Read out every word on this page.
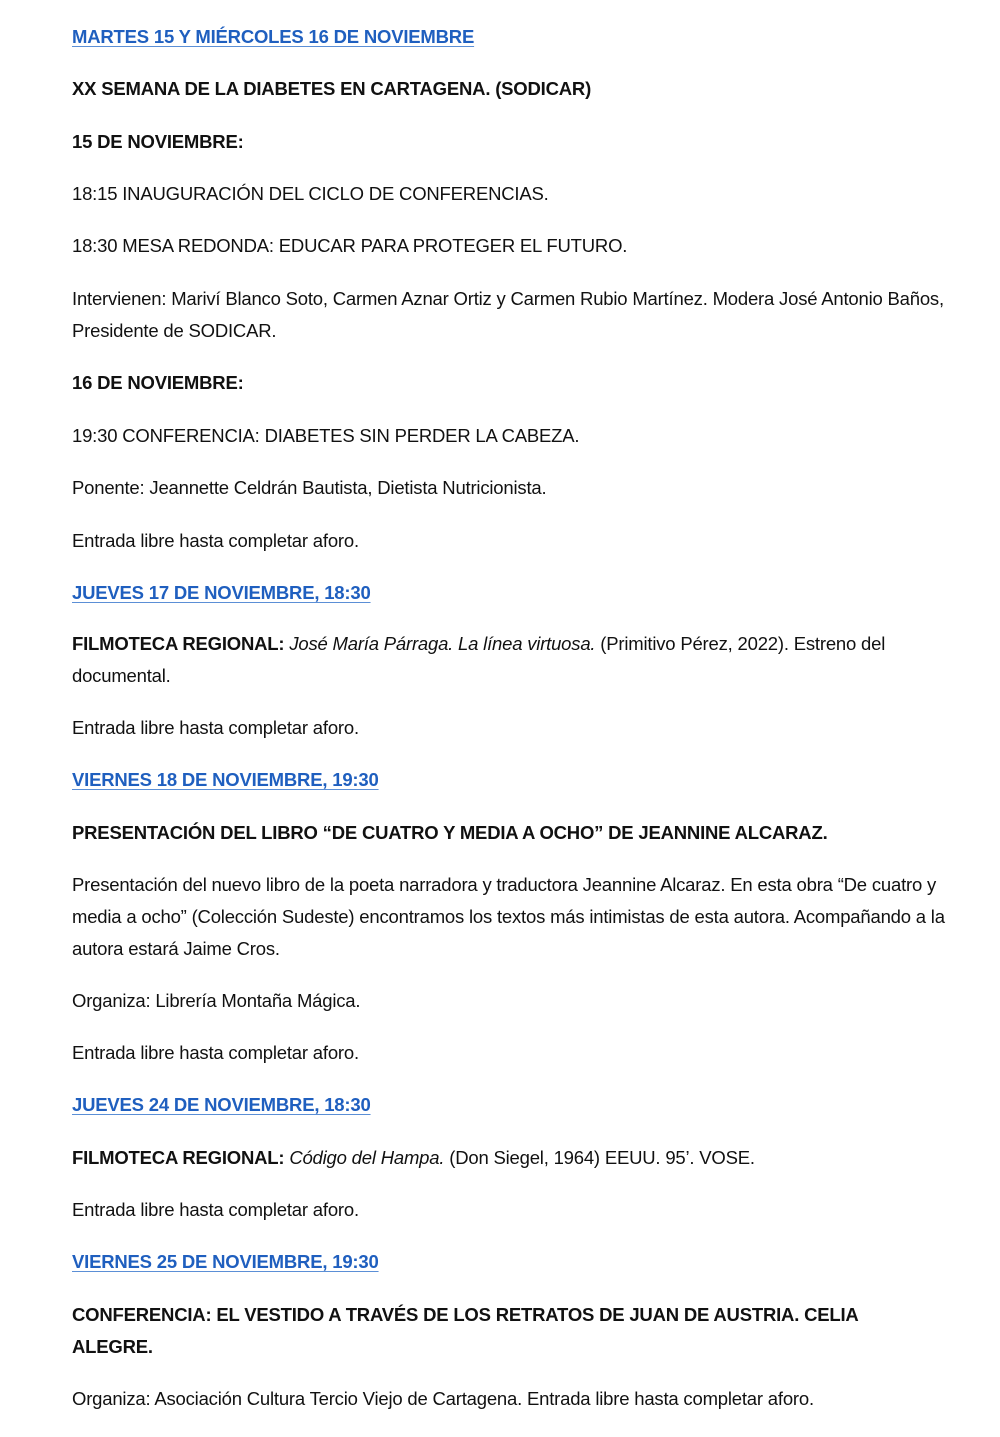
MARTES 15 Y MIÉRCOLES 16 DE NOVIEMBRE
XX SEMANA DE LA DIABETES EN CARTAGENA. (SODICAR)
15 DE NOVIEMBRE:
18:15 INAUGURACIÓN DEL CICLO DE CONFERENCIAS.
18:30 MESA REDONDA: EDUCAR PARA PROTEGER EL FUTURO.
Intervienen: Mariví Blanco Soto, Carmen Aznar Ortiz y Carmen Rubio Martínez. Modera José Antonio Baños, Presidente de SODICAR.
16 DE NOVIEMBRE:
19:30 CONFERENCIA: DIABETES SIN PERDER LA CABEZA.
Ponente: Jeannette Celdrán Bautista, Dietista Nutricionista.
Entrada libre hasta completar aforo.
JUEVES 17 DE NOVIEMBRE, 18:30
FILMOTECA REGIONAL: José María Párraga. La línea virtuosa. (Primitivo Pérez, 2022). Estreno del documental.
Entrada libre hasta completar aforo.
VIERNES 18 DE NOVIEMBRE, 19:30
PRESENTACIÓN DEL LIBRO “DE CUATRO Y MEDIA A OCHO” DE JEANNINE ALCARAZ.
Presentación del nuevo libro de la poeta narradora y traductora Jeannine Alcaraz. En esta obra “De cuatro y media a ocho” (Colección Sudeste) encontramos los textos más intimistas de esta autora. Acompañando a la autora estará Jaime Cros.
Organiza: Librería Montaña Mágica.
Entrada libre hasta completar aforo.
JUEVES 24 DE NOVIEMBRE, 18:30
FILMOTECA REGIONAL: Código del Hampa. (Don Siegel, 1964) EEUU. 95’. VOSE.
Entrada libre hasta completar aforo.
VIERNES 25 DE NOVIEMBRE, 19:30
CONFERENCIA: EL VESTIDO A TRAVÉS DE LOS RETRATOS DE JUAN DE AUSTRIA. CELIA ALEGRE.
Organiza: Asociación Cultura Tercio Viejo de Cartagena. Entrada libre hasta completar aforo.
